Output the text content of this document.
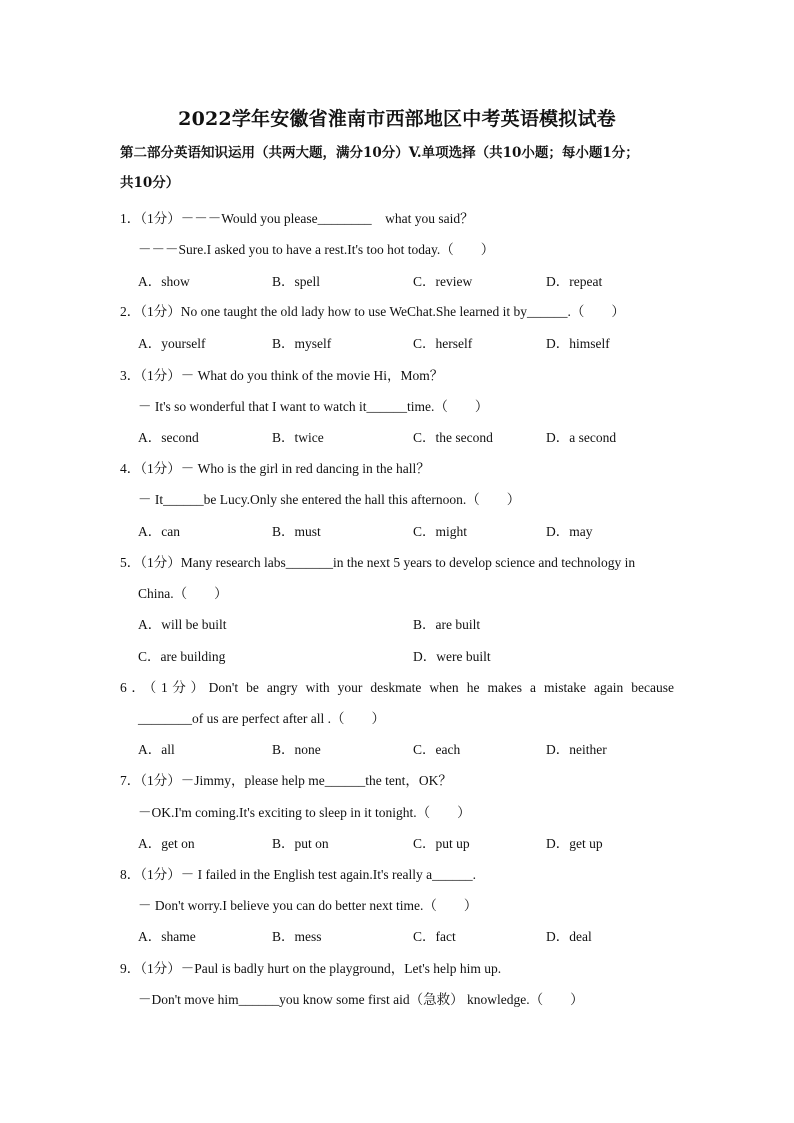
2022学年安徽省淮南市西部地区中考英语模拟试卷
第二部分英语知识运用（共两大题，满分10分）V.单项选择（共10小题；每小题1分；
共10分）
1．（1分）－－－Would you please________　what you said？
－－－Sure.I asked you to have a rest.It's too hot today.（　　）
A．show	B．spell	C．review	D．repeat
2．（1分）No one taught the old lady how to use WeChat.She learned it by______.（　　）
A．yourself	B．myself	C．herself	D．himself
3．（1分）－ What do you think of the movie Hi，Mom？
－ It's so wonderful that I want to watch it______time.（　　）
A．second	B．twice	C．the second	D．a second
4．（1分）－ Who is the girl in red dancing in the hall？
－ It______be Lucy.Only she entered the hall this afternoon.（　　）
A．can	B．must	C．might	D．may
5．（1分）Many research labs_______in the next 5 years to develop science and technology in
China.（　　）
A．will be built	B．are built
C．are building	D．were built
6．（1分）Don't be angry with your deskmate when he makes a mistake again because
________of us are perfect after all .（　　）
A．all	B．none	C．each	D．neither
7．（1分）－Jimmy，please help me______the tent，OK？
－OK.I'm coming.It's exciting to sleep in it tonight.（　　）
A．get on	B．put on	C．put up	D．get up
8．（1分）－ I failed in the English test again.It's really a______.
－ Don't worry.I believe you can do better next time.（　　）
A．shame	B．mess	C．fact	D．deal
9．（1分）－Paul is badly hurt on the playground，Let's help him up.
－Don't move him______you know some first aid（急救） knowledge.（　　）
